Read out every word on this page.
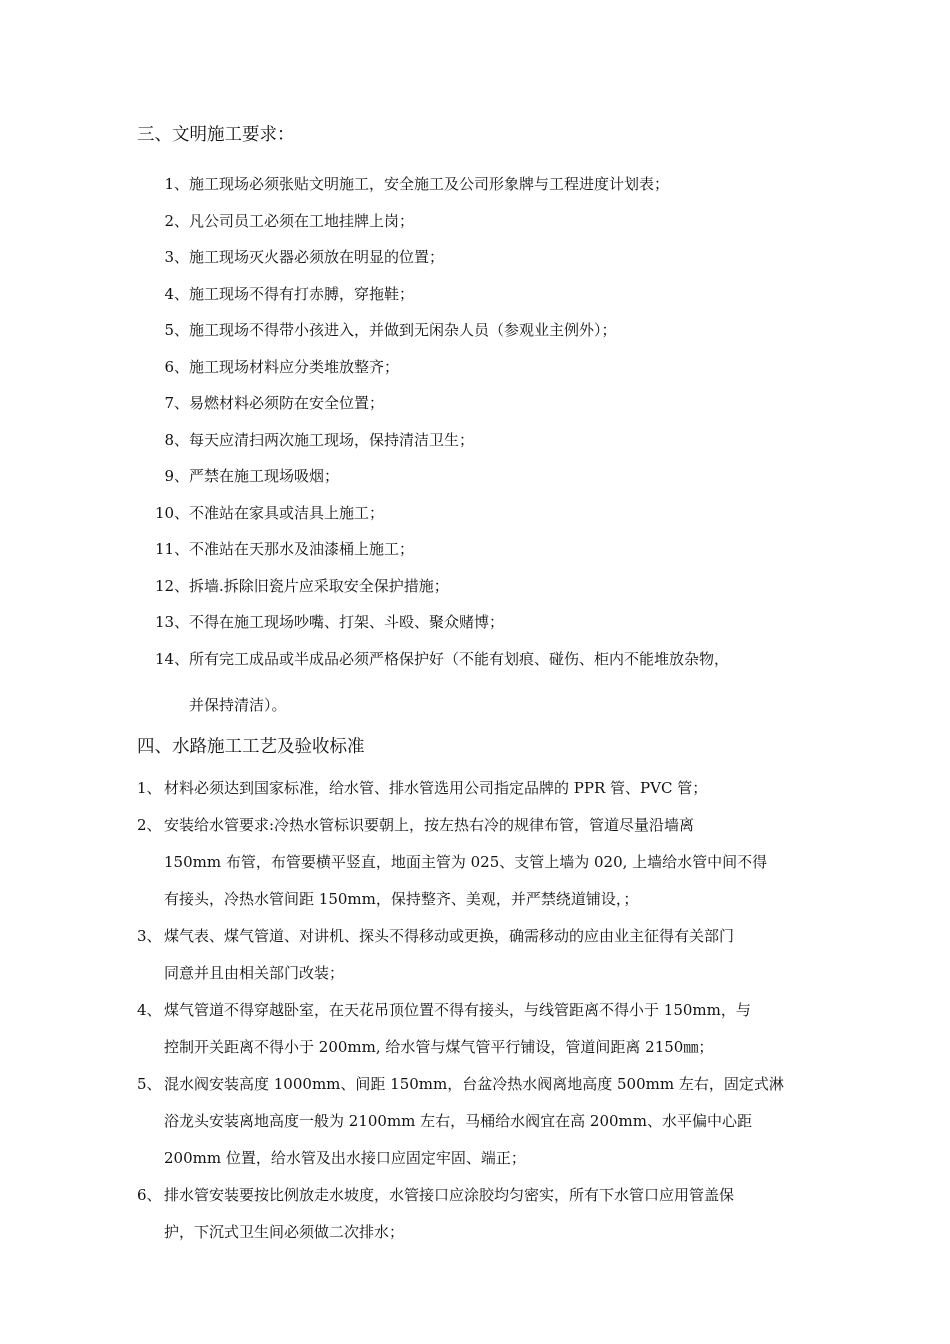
三、文明施工要求：
1、施工现场必须张贴文明施工，安全施工及公司形象牌与工程进度计划表；
2、凡公司员工必须在工地挂牌上岗；
3、施工现场灭火器必须放在明显的位置；
4、施工现场不得有打赤膊，穿拖鞋；
5、施工现场不得带小孩进入，并做到无闲杂人员（参观业主例外）；
6、施工现场材料应分类堆放整齐；
7、易燃材料必须防在安全位置；
8、每天应清扫两次施工现场，保持清洁卫生；
9、严禁在施工现场吸烟；
10、不准站在家具或洁具上施工；
11、不准站在天那水及油漆桶上施工；
12、拆墙.拆除旧瓷片应采取安全保护措施；
13、不得在施工现场吵嘴、打架、斗殴、聚众赌博；
14、所有完工成品或半成品必须严格保护好（不能有划痕、碰伤、柜内不能堆放杂物，
并保持清洁）。
四、水路施工工艺及验收标准
1、 材料必须达到国家标准，给水管、排水管选用公司指定品牌的 PPR 管、PVC 管；
2、 安装给水管要求:冷热水管标识要朝上，按左热右冷的规律布管，管道尽量沿墙离
150mm 布管，布管要横平竖直，地面主管为 025、支管上墙为 020, 上墙给水管中间不得
有接头，冷热水管间距 150mm，保持整齐、美观，并严禁绕道铺设，；
3、 煤气表、煤气管道、对讲机、探头不得移动或更换，确需移动的应由业主征得有关部门
同意并且由相关部门改装；
4、 煤气管道不得穿越卧室，在天花吊顶位置不得有接头，与线管距离不得小于 150mm，与
控制开关距离不得小于 200mm, 给水管与煤气管平行铺设，管道间距离 2150㎜；
5、 混水阀安装高度 1000mm、间距 150mm，台盆冷热水阀离地高度 500mm 左右，固定式淋
浴龙头安装离地高度一般为 2100mm 左右，马桶给水阀宜在高 200mm、水平偏中心距
200mm 位置，给水管及出水接口应固定牢固、端正；
6、 排水管安装要按比例放走水坡度，水管接口应涂胶均匀密实，所有下水管口应用管盖保
护，下沉式卫生间必须做二次排水；
